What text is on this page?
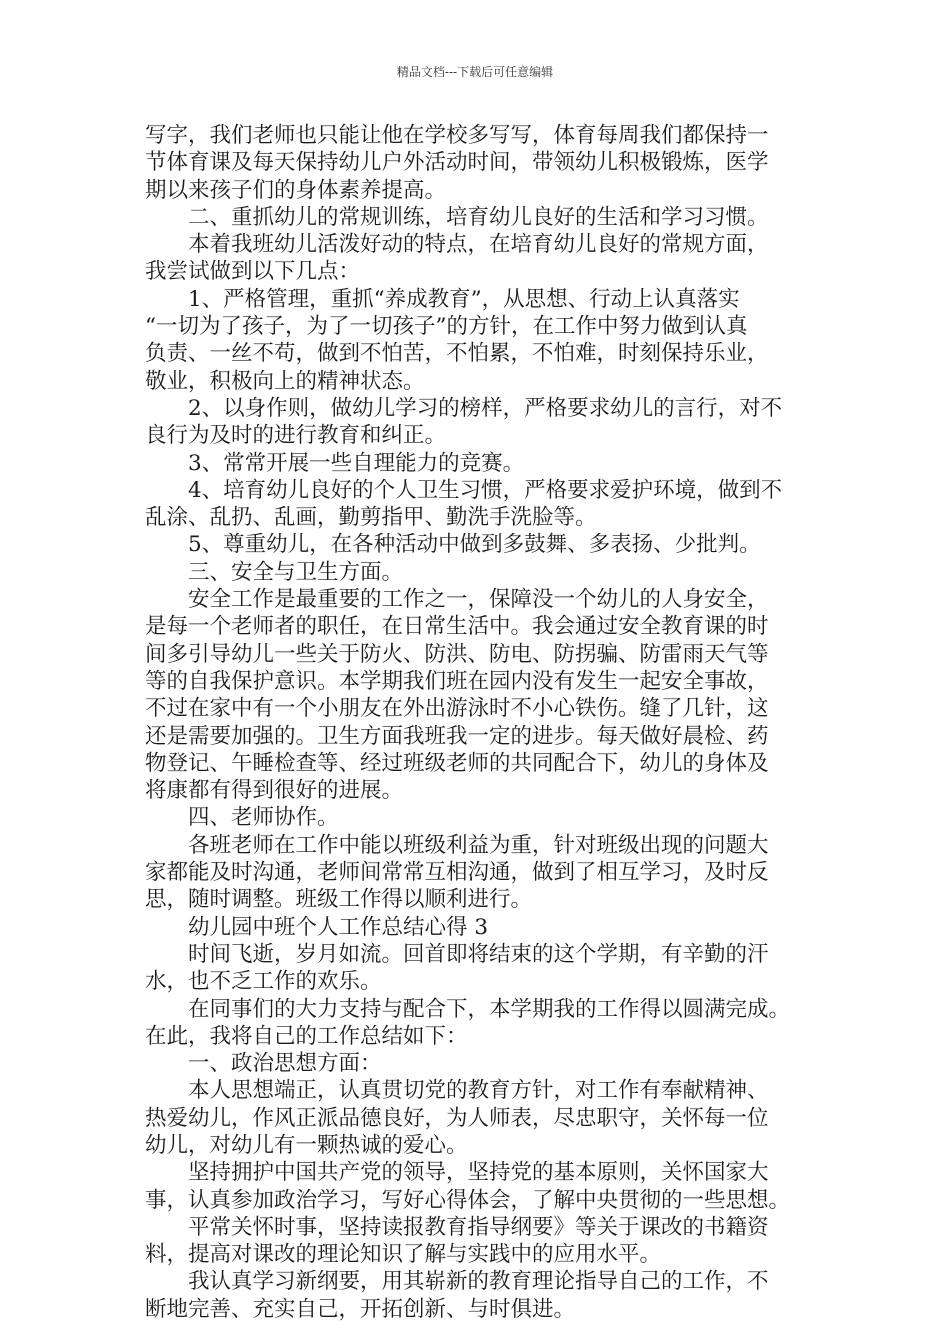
精品文档---下载后可任意编辑
写字，我们老师也只能让他在学校多写写，体育每周我们都保持一
节体育课及每天保持幼儿户外活动时间，带领幼儿积极锻炼，医学
期以来孩子们的身体素养提高。
二、重抓幼儿的常规训练，培育幼儿良好的生活和学习习惯。
本着我班幼儿活泼好动的特点，在培育幼儿良好的常规方面，
我尝试做到以下几点：
1、严格管理，重抓“养成教育”，从思想、行动上认真落实
“一切为了孩子，为了一切孩子”的方针，在工作中努力做到认真
负责、一丝不苟，做到不怕苦，不怕累，不怕难，时刻保持乐业，
敬业，积极向上的精神状态。
2、以身作则，做幼儿学习的榜样，严格要求幼儿的言行，对不
良行为及时的进行教育和纠正。
3、常常开展一些自理能力的竞赛。
4、培育幼儿良好的个人卫生习惯，严格要求爱护环境，做到不
乱涂、乱扔、乱画，勤剪指甲、勤洗手洗脸等。
5、尊重幼儿，在各种活动中做到多鼓舞、多表扬、少批判。
三、安全与卫生方面。
安全工作是最重要的工作之一，保障没一个幼儿的人身安全，
是每一个老师者的职任，在日常生活中。我会通过安全教育课的时
间多引导幼儿一些关于防火、防洪、防电、防拐骗、防雷雨天气等
等的自我保护意识。本学期我们班在园内没有发生一起安全事故，
不过在家中有一个小朋友在外出游泳时不小心铁伤。缝了几针，这
还是需要加强的。卫生方面我班我一定的进步。每天做好晨检、药
物登记、午睡检查等、经过班级老师的共同配合下，幼儿的身体及
将康都有得到很好的进展。
四、老师协作。
各班老师在工作中能以班级利益为重，针对班级出现的问题大
家都能及时沟通，老师间常常互相沟通，做到了相互学习，及时反
思，随时调整。班级工作得以顺利进行。
幼儿园中班个人工作总结心得 3
时间飞逝，岁月如流。回首即将结束的这个学期，有辛勤的汗
水，也不乏工作的欢乐。
在同事们的大力支持与配合下，本学期我的工作得以圆满完成。
在此，我将自己的工作总结如下：
一、政治思想方面：
本人思想端正，认真贯切党的教育方针，对工作有奉献精神、
热爱幼儿，作风正派品德良好，为人师表，尽忠职守，关怀每一位
幼儿，对幼儿有一颗热诚的爱心。
坚持拥护中国共产党的领导，坚持党的基本原则，关怀国家大
事，认真参加政治学习，写好心得体会，了解中央贯彻的一些思想。
平常关怀时事，坚持读报教育指导纲要》等关于课改的书籍资
料，提高对课改的理论知识了解与实践中的应用水平。
我认真学习新纲要，用其崭新的教育理论指导自己的工作，不
断地完善、充实自己，开拓创新、与时俱进。
